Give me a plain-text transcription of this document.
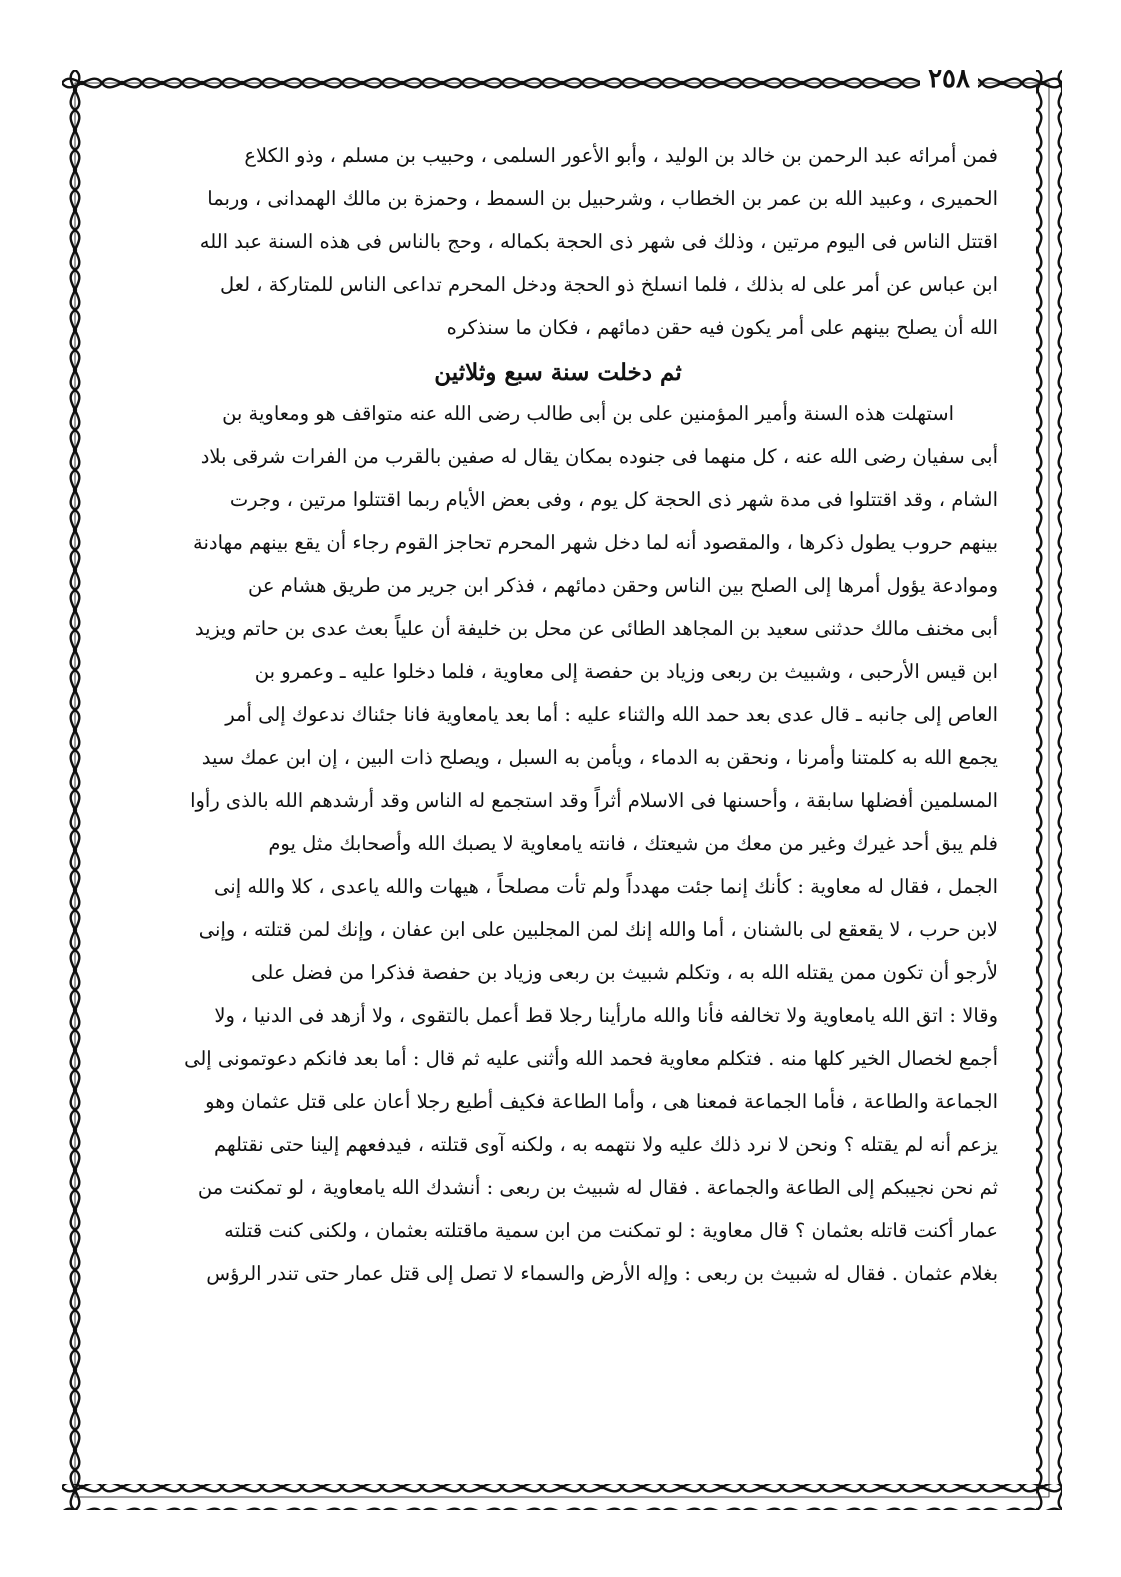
٢٥٨
فمن أمرائه عبد الرحمن بن خالد بن الوليد ، وأبو الأعور السلمى ، وحبيب بن مسلم ، وذو الكلاع
الحميرى ، وعبيد الله بن عمر بن الخطاب ، وشرحبيل بن السمط ، وحمزة بن مالك الهمدانى ، وربما
اقتتل الناس فى اليوم مرتين ، وذلك فى شهر ذى الحجة بكماله ، وحج بالناس فى هذه السنة عبد الله
ابن عباس عن أمر على له بذلك ، فلما انسلخ ذو الحجة ودخل المحرم تداعى الناس للمتاركة ، لعل
الله أن يصلح بينهم على أمر يكون فيه حقن دمائهم ، فكان ما سنذكره
ثم دخلت سنة سبع وثلاثين
استهلت هذه السنة وأمير المؤمنين على بن أبى طالب رضى الله عنه متواقف هو ومعاوية بن
أبى سفيان رضى الله عنه ، كل منهما فى جنوده بمكان يقال له صفين بالقرب من الفرات شرقى بلاد
الشام ، وقد اقتتلوا فى مدة شهر ذى الحجة كل يوم ، وفى بعض الأيام ربما اقتتلوا مرتين ، وجرت
بينهم حروب يطول ذكرها ، والمقصود أنه لما دخل شهر المحرم تحاجز القوم رجاء أن يقع بينهم مهادنة
وموادعة يؤول أمرها إلى الصلح بين الناس وحقن دمائهم ، فذكر ابن جرير من طريق هشام عن
أبى مخنف مالك حدثنى سعيد بن المجاهد الطائى عن محل بن خليفة أن علياً بعث عدى بن حاتم ويزيد
ابن قيس الأرحبى ، وشبيث بن ربعى وزياد بن حفصة إلى معاوية ، فلما دخلوا عليه ـ وعمرو بن
العاص إلى جانبه ـ قال عدى بعد حمد الله والثناء عليه : أما بعد يامعاوية فانا جئناك ندعوك إلى أمر
يجمع الله به كلمتنا وأمرنا ، ونحقن به الدماء ، ويأمن به السبل ، ويصلح ذات البين ، إن ابن عمك سيد
المسلمين أفضلها سابقة ، وأحسنها فى الاسلام أثراً وقد استجمع له الناس وقد أرشدهم الله بالذى رأوا
فلم يبق أحد غيرك وغير من معك من شيعتك ، فانته يامعاوية لا يصبك الله وأصحابك مثل يوم
الجمل ، فقال له معاوية : كأنك إنما جئت مهدداً ولم تأت مصلحاً ، هيهات والله ياعدى ، كلا والله إنى
لابن حرب ، لا يقعقع لى بالشنان ، أما والله إنك لمن المجلبين على ابن عفان ، وإنك لمن قتلته ، وإنى
لأرجو أن تكون ممن يقتله الله به ، وتكلم شبيث بن ربعى وزياد بن حفصة فذكرا من فضل على
وقالا : اتق الله يامعاوية ولا تخالفه فأنا والله مارأينا رجلا قط أعمل بالتقوى ، ولا أزهد فى الدنيا ، ولا
أجمع لخصال الخير كلها منه . فتكلم معاوية فحمد الله وأثنى عليه ثم قال : أما بعد فانكم دعوتمونى إلى
الجماعة والطاعة ، فأما الجماعة فمعنا هى ، وأما الطاعة فكيف أطيع رجلا أعان على قتل عثمان وهو
يزعم أنه لم يقتله ؟ ونحن لا نرد ذلك عليه ولا نتهمه به ، ولكنه آوى قتلته ، فيدفعهم إلينا حتى نقتلهم
ثم نحن نجيبكم إلى الطاعة والجماعة . فقال له شبيث بن ربعى : أنشدك الله يامعاوية ، لو تمكنت من
عمار أكنت قاتله بعثمان ؟ قال معاوية : لو تمكنت من ابن سمية ماقتلته بعثمان ، ولكنى كنت قتلته
بغلام عثمان . فقال له شبيث بن ربعى : وإله الأرض والسماء لا تصل إلى قتل عمار حتى تندر الرؤس
